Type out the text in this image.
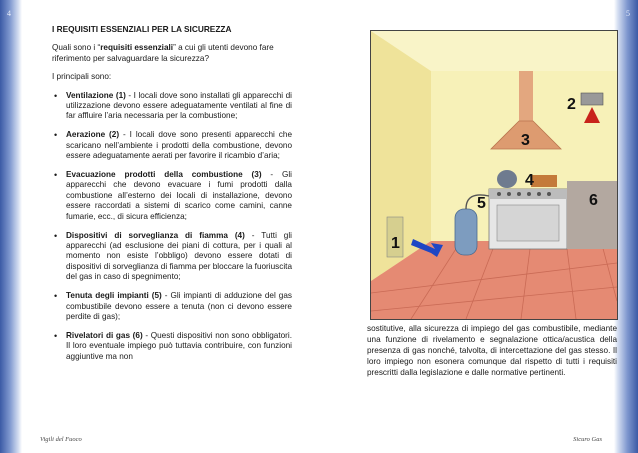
4	5
I REQUISITI ESSENZIALI PER LA SICUREZZA
Quali sono i “requisiti essenziali” a cui gli utenti devono fare riferimento per salvaguardare la sicurezza?
I principali sono:
• Ventilazione (1) - I locali dove sono installati gli apparecchi di utilizzazione devono essere adeguatamente ventilati al fine di far affluire l’aria necessaria per la combustione;
• Aerazione (2) - I locali dove sono presenti apparecchi che scaricano nell’ambiente i prodotti della combustione, devono essere adeguatamente aerati per favorire il ricambio d’aria;
• Evacuazione prodotti della combustione (3) - Gli apparecchi che devono evacuare i fumi prodotti dalla combustione all’esterno dei locali di installazione, devono essere raccordati a sistemi di scarico come camini, canne fumarie, ecc., di sicura efficienza;
• Dispositivi di sorveglianza di fiamma (4) - Tutti gli apparecchi (ad esclusione dei piani di cottura, per i quali al momento non esiste l’obbligo) devono essere dotati di dispositivi di sorveglianza di fiamma per bloccare la fuoriuscita del gas in caso di spegnimento;
• Tenuta degli impianti (5) - Gli impianti di adduzione del gas combustibile devono essere a tenuta (non ci devono essere perdite di gas);
• Rivelatori di gas (6) - Questi dispositivi non sono obbligatori. Il loro eventuale impiego può tuttavia contribuire, con funzioni aggiuntive ma non
1
2
3
4
5	6
sostitutive, alla sicurezza di impiego del gas combustibile, mediante una funzione di rivelamento e segnalazione ottica/acustica della presenza di gas nonché, talvolta, di intercettazione del gas stesso. Il loro impiego non esonera comunque dal rispetto di tutti i requisiti prescritti dalla legislazione e dalle normative pertinenti.
Vigili del Fuoco	Sicuro Gas
